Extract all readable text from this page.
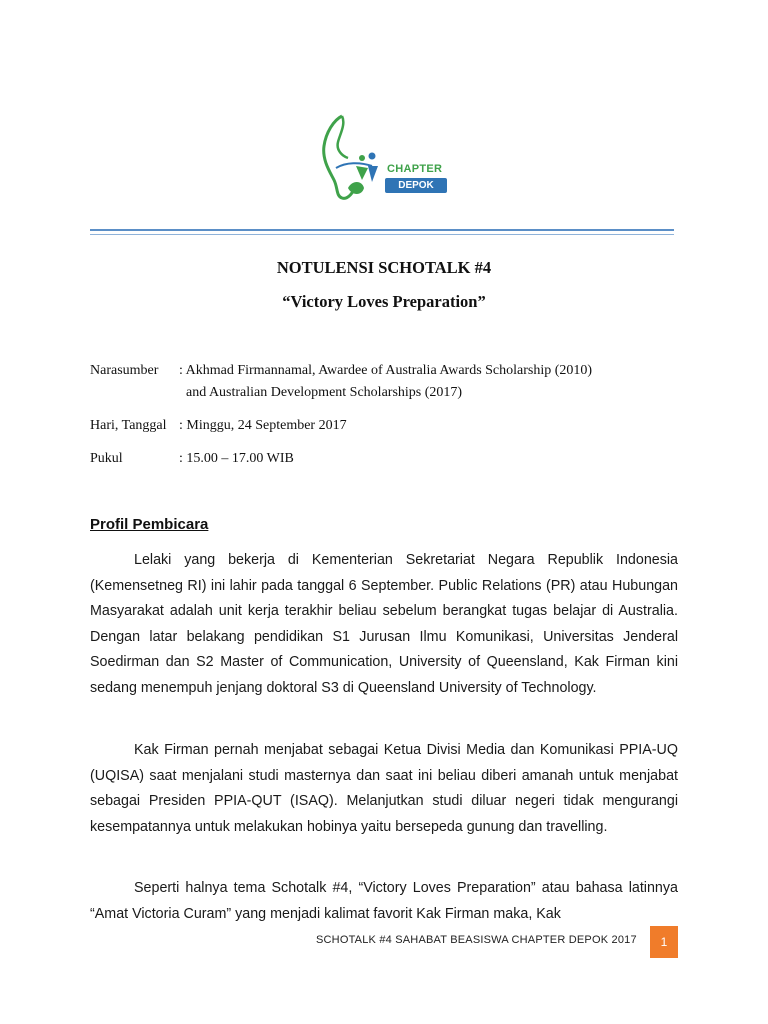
CHAPTER
DEPOK
NOTULENSI SCHOTALK #4
“Victory Loves Preparation”
Narasumber : Akhmad Firmannamal, Awardee of Australia Awards Scholarship (2010)
and Australian Development Scholarships (2017)
Hari, Tanggal : Minggu, 24 September 2017
Pukul	: 15.00 – 17.00 WIB
Profil Pembicara
Lelaki yang bekerja di Kementerian Sekretariat Negara Republik Indonesia (Kemensetneg RI) ini lahir pada tanggal 6 September. Public Relations (PR) atau Hubungan Masyarakat adalah unit kerja terakhir beliau sebelum berangkat tugas belajar di Australia. Dengan latar belakang pendidikan S1 Jurusan Ilmu Komunikasi, Universitas Jenderal Soedirman dan S2 Master of Communication, University of Queensland, Kak Firman kini sedang menempuh jenjang doktoral S3 di Queensland University of Technology.
Kak Firman pernah menjabat sebagai Ketua Divisi Media dan Komunikasi PPIA-UQ (UQISA) saat menjalani studi masternya dan saat ini beliau diberi amanah untuk menjabat sebagai Presiden PPIA-QUT (ISAQ). Melanjutkan studi diluar negeri tidak mengurangi kesempatannya untuk melakukan hobinya yaitu bersepeda gunung dan travelling.
Seperti halnya tema Schotalk #4, “Victory Loves Preparation” atau bahasa latinnya “Amat Victoria Curam” yang menjadi kalimat favorit Kak Firman maka, Kak
SCHOTALK #4 SAHABAT BEASISWA CHAPTER DEPOK 2017	1
